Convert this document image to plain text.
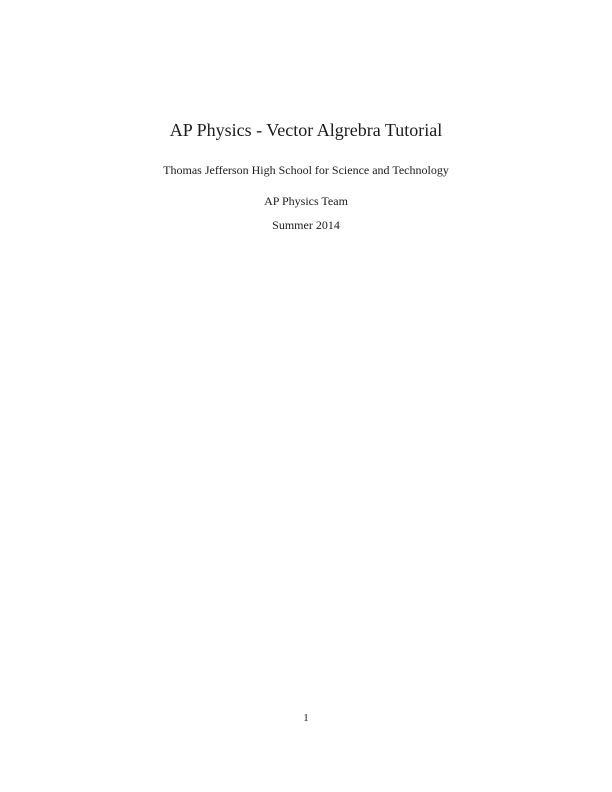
AP Physics - Vector Algrebra Tutorial
Thomas Jefferson High School for Science and Technology
AP Physics Team
Summer 2014
1
